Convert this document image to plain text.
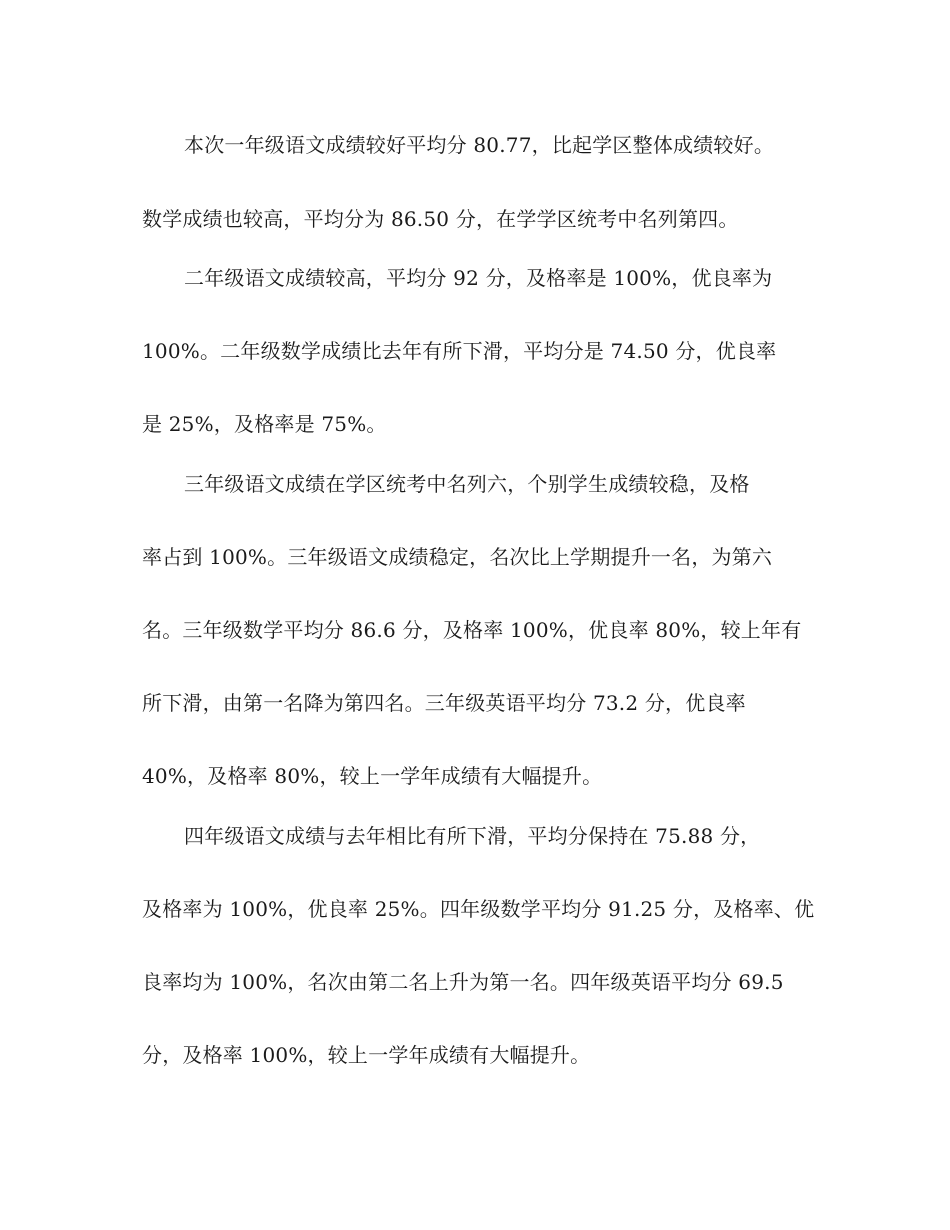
本次一年级语文成绩较好平均分 80.77，比起学区整体成绩较好。
数学成绩也较高，平均分为 86.50 分，在学学区统考中名列第四。
二年级语文成绩较高，平均分 92 分，及格率是 100%，优良率为
100%。二年级数学成绩比去年有所下滑，平均分是 74.50 分，优良率
是 25%，及格率是 75%。
三年级语文成绩在学区统考中名列六，个别学生成绩较稳，及格
率占到 100%。三年级语文成绩稳定，名次比上学期提升一名，为第六
名。三年级数学平均分 86.6 分，及格率 100%，优良率 80%，较上年有
所下滑，由第一名降为第四名。三年级英语平均分 73.2 分，优良率
40%，及格率 80%，较上一学年成绩有大幅提升。
四年级语文成绩与去年相比有所下滑，平均分保持在 75.88 分，
及格率为 100%，优良率 25%。四年级数学平均分 91.25 分，及格率、优
良率均为 100%，名次由第二名上升为第一名。四年级英语平均分 69.5
分，及格率 100%，较上一学年成绩有大幅提升。
